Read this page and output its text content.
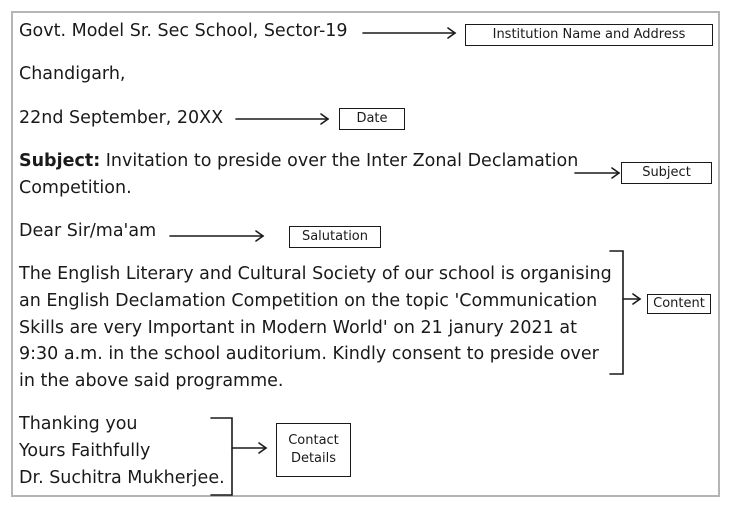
Govt. Model Sr. Sec School, Sector-19
Chandigarh,
22nd September, 20XX
Subject: Invitation to preside over the Inter Zonal Declamation
Competition.
Dear Sir/ma'am
The English Literary and Cultural Society of our school is organising
an English Declamation Competition on the topic 'Communication
Skills are very Important in Modern World' on 21 janury 2021 at
9:30 a.m. in the school auditorium. Kindly consent to preside over
in the above said programme.
Thanking you
Yours Faithfully
Dr. Suchitra Mukherjee.
Institution Name and Address
Date
Subject
Salutation
Content
Contact
Details
